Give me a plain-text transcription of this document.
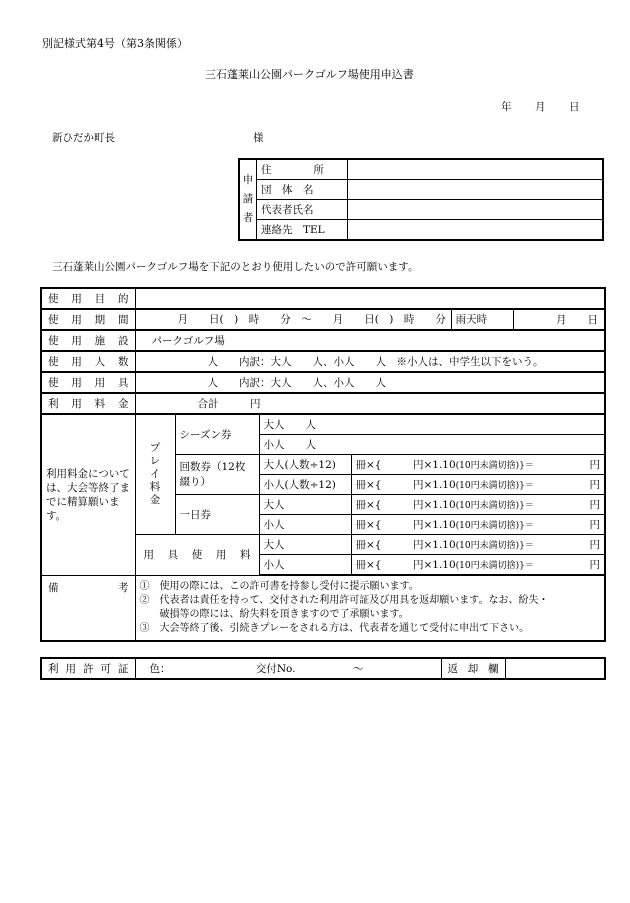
別記様式第4号（第3条関係）
三石蓬莱山公園パークゴルフ場使用申込書
年 月 日
新ひだか町長	様
申請者	住　　　　所	
	団　体　名	
	代表者氏名	
	連絡先　TEL	
三石蓬莱山公園パークゴルフ場を下記のとおり使用したいので許可願います。
使用目的					
使用期間	月　　日(　)　時　　分　～　　月　　日(　)　時　　分 雨天時				月　　日
使用施設	パークゴルフ場				
使用人数	人　　内訳：大人　　人、小人　　人　※小人は、中学生以下をいう。				
使用用具	人　　内訳：大人　　人、小人　　人				
利用料金	合計　　　円				
利用料金については、大会等終了までに精算願います。	プレイ料金	シーズン券	大人　　人		
			小人　　人		
		回数券（12枚綴り）	大人(人数÷12)	冊×{    円×1.10(10円未満切捨)}＝ 円	

			小人(人数÷12)	冊×{    円×1.10(10円未満切捨)}＝ 円	

		一日券	大人	冊×{    円×1.10(10円未満切捨)}＝ 円	

			小人	冊×{    円×1.10(10円未満切捨)}＝ 円	

	用具使用料		大人	冊×{    円×1.10(10円未満切捨)}＝ 円	

			小人	冊×{    円×1.10(10円未満切捨)}＝ 円	

備考	①　使用の際には、この許可書を持参し受付に提示願います。
②　代表者は責任を持って、交付された利用許可証及び用具を返却願います。なお、紛失・
　　破損等の際には、紛失料を頂きますので了承願います。
③　大会等終了後、引続きプレーをされる方は、代表者を通じて受付に申出て下さい。				
利用許可証	色：	交付No.	～	返却欄	
